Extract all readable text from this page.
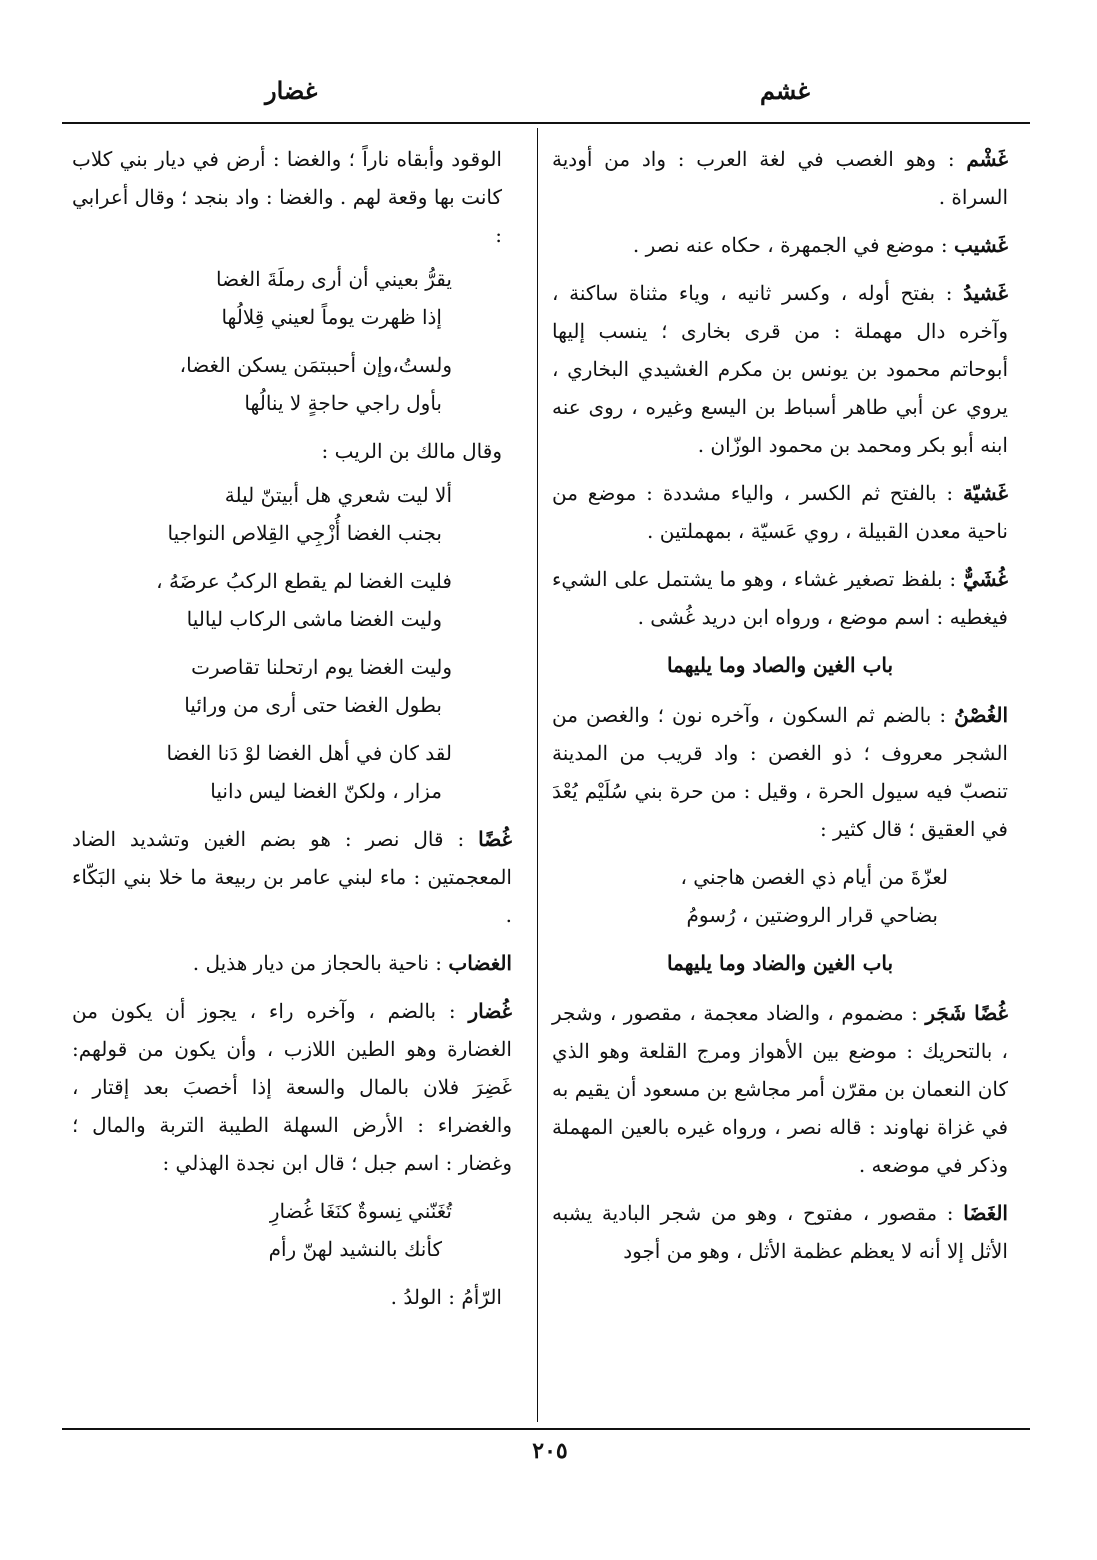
غشم
غضار
غَشْم : وهو الغصب في لغة العرب : واد من أودية السراة .
غَشيب : موضع في الجمهرة ، حكاه عنه نصر .
غَشيدُ : بفتح أوله ، وكسر ثانيه ، وياء مثناة ساكنة ، وآخره دال مهملة : من قرى بخارى ؛ ينسب إليها أبوحاتم محمود بن يونس بن مكرم الغشيدي البخاري ، يروي عن أبي طاهر أسباط بن اليسع وغيره ، روى عنه ابنه أبو بكر ومحمد بن محمود الوزّان .
غَشيّة : بالفتح ثم الكسر ، والياء مشددة : موضع من ناحية معدن القبيلة ، روي عَسيّة ، بمهملتين .
غُشَيٌّ : بلفظ تصغير غشاء ، وهو ما يشتمل على الشيء فيغطيه : اسم موضع ، ورواه ابن دريد غُشى .
باب الغين والصاد وما يليهما
الغُصْنُ : بالضم ثم السكون ، وآخره نون ؛ والغصن من الشجر معروف ؛ ذو الغصن : واد قريب من المدينة تنصبّ فيه سيول الحرة ، وقيل : من حرة بني سُلَيْم يُعْدَ في العقيق ؛ قال كثير :
لعزّةَ من أيام ذي الغصن هاجني ،
بضاحي قرار الروضتين ، رُسومُ
باب الغين والضاد وما يليهما
غُضًا شَجَر : مضموم ، والضاد معجمة ، مقصور ، وشجر ، بالتحريك : موضع بين الأهواز ومرج القلعة وهو الذي كان النعمان بن مقرّن أمر مجاشع بن مسعود أن يقيم به في غزاة نهاوند : قاله نصر ، ورواه غيره بالعين المهملة وذكر في موضعه .
الغَضَا : مقصور ، مفتوح ، وهو من شجر البادية يشبه الأثل إلا أنه لا يعظم عظمة الأثل ، وهو من أجود
الوقود وأبقاه ناراً ؛ والغضا : أرض في ديار بني كلاب كانت بها وقعة لهم . والغضا : واد بنجد ؛ وقال أعرابي :
يقرُّ بعيني أن أرى رملَةَ الغضا
إذا ظهرت يوماً لعيني قِلالُها
ولستُ،وإن أحببتمَن يسكن الغضا،
بأول راجي حاجةٍ لا ينالُها
وقال مالك بن الريب :
ألا ليت شعري هل أبيتنّ ليلة
بجنب الغضا أُزْجِي القِلاص النواجيا
فليت الغضا لم يقطع الركبُ عرضَهُ ،
وليت الغضا ماشى الركاب لياليا
وليت الغضا يوم ارتحلنا تقاصرت
بطول الغضا حتى أرى من ورائيا
لقد كان في أهل الغضا لوْ دَنا الغضا
مزار ، ولكنّ الغضا ليس دانيا
غُضًا : قال نصر : هو بضم الغين وتشديد الضاد المعجمتين : ماء لبني عامر بن ربيعة ما خلا بني البَكّاء .
الغضاب : ناحية بالحجاز من ديار هذيل .
غُضار : بالضم ، وآخره راء ، يجوز أن يكون من الغضارة وهو الطين اللازب ، وأن يكون من قولهم: غَضِرَ فلان بالمال والسعة إذا أخصبَ بعد إقتار ، والغضراء : الأرض السهلة الطيبة التربة والمال ؛ وغضار : اسم جبل ؛ قال ابن نجدة الهذلي :
تُغَنّني نِسوةٌ كنَغَا غُضارِ
كأنك بالنشيد لهنّ رأم
الرّأمُ : الولدُ .
٢٠٥
